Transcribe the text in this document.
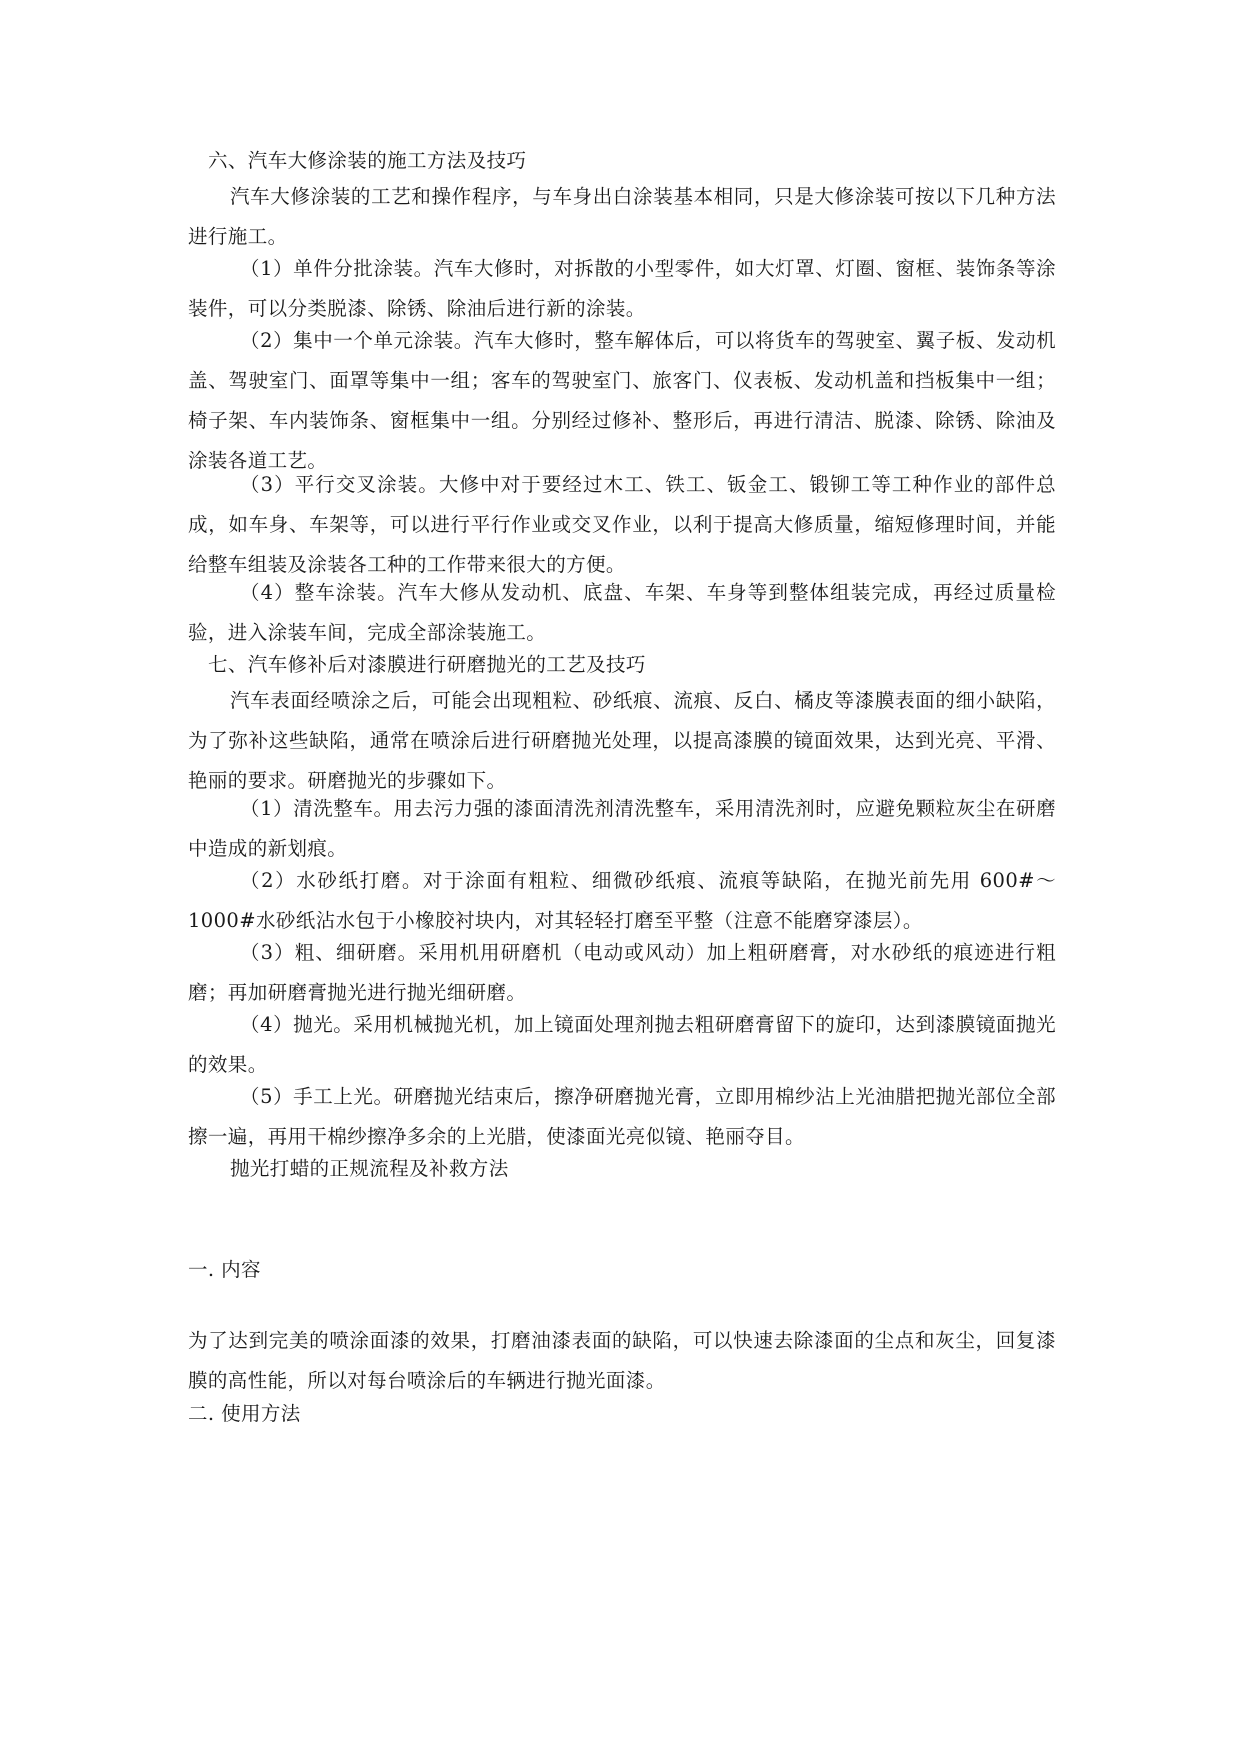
六、汽车大修涂装的施工方法及技巧

汽车大修涂装的工艺和操作程序，与车身出白涂装基本相同，只是大修涂装可按以下几种方法进行施工。

（1）单件分批涂装。汽车大修时，对拆散的小型零件，如大灯罩、灯圈、窗框、装饰条等涂装件，可以分类脱漆、除锈、除油后进行新的涂装。

（2）集中一个单元涂装。汽车大修时，整车解体后，可以将货车的驾驶室、翼子板、发动机盖、驾驶室门、面罩等集中一组；客车的驾驶室门、旅客门、仪表板、发动机盖和挡板集中一组；椅子架、车内装饰条、窗框集中一组。分别经过修补、整形后，再进行清洁、脱漆、除锈、除油及涂装各道工艺。

（3）平行交叉涂装。大修中对于要经过木工、铁工、钣金工、锻铆工等工种作业的部件总成，如车身、车架等，可以进行平行作业或交叉作业，以利于提高大修质量，缩短修理时间，并能给整车组装及涂装各工种的工作带来很大的方便。

（4）整车涂装。汽车大修从发动机、底盘、车架、车身等到整体组装完成，再经过质量检验，进入涂装车间，完成全部涂装施工。

七、汽车修补后对漆膜进行研磨抛光的工艺及技巧

汽车表面经喷涂之后，可能会出现粗粒、砂纸痕、流痕、反白、橘皮等漆膜表面的细小缺陷，为了弥补这些缺陷，通常在喷涂后进行研磨抛光处理，以提高漆膜的镜面效果，达到光亮、平滑、艳丽的要求。研磨抛光的步骤如下。

（1）清洗整车。用去污力强的漆面清洗剂清洗整车，采用清洗剂时，应避免颗粒灰尘在研磨中造成的新划痕。

（2）水砂纸打磨。对于涂面有粗粒、细微砂纸痕、流痕等缺陷，在抛光前先用 600#～1000#水砂纸沾水包于小橡胶衬块内，对其轻轻打磨至平整（注意不能磨穿漆层）。

（3）粗、细研磨。采用机用研磨机（电动或风动）加上粗研磨膏，对水砂纸的痕迹进行粗磨；再加研磨膏抛光进行抛光细研磨。

（4）抛光。采用机械抛光机，加上镜面处理剂抛去粗研磨膏留下的旋印，达到漆膜镜面抛光的效果。

（5）手工上光。研磨抛光结束后，擦净研磨抛光膏，立即用棉纱沾上光油腊把抛光部位全部擦一遍，再用干棉纱擦净多余的上光腊，使漆面光亮似镜、艳丽夺目。

抛光打蜡的正规流程及补救方法
一. 内容

为了达到完美的喷涂面漆的效果，打磨油漆表面的缺陷，可以快速去除漆面的尘点和灰尘，回复漆膜的高性能，所以对每台喷涂后的车辆进行抛光面漆。

二. 使用方法
